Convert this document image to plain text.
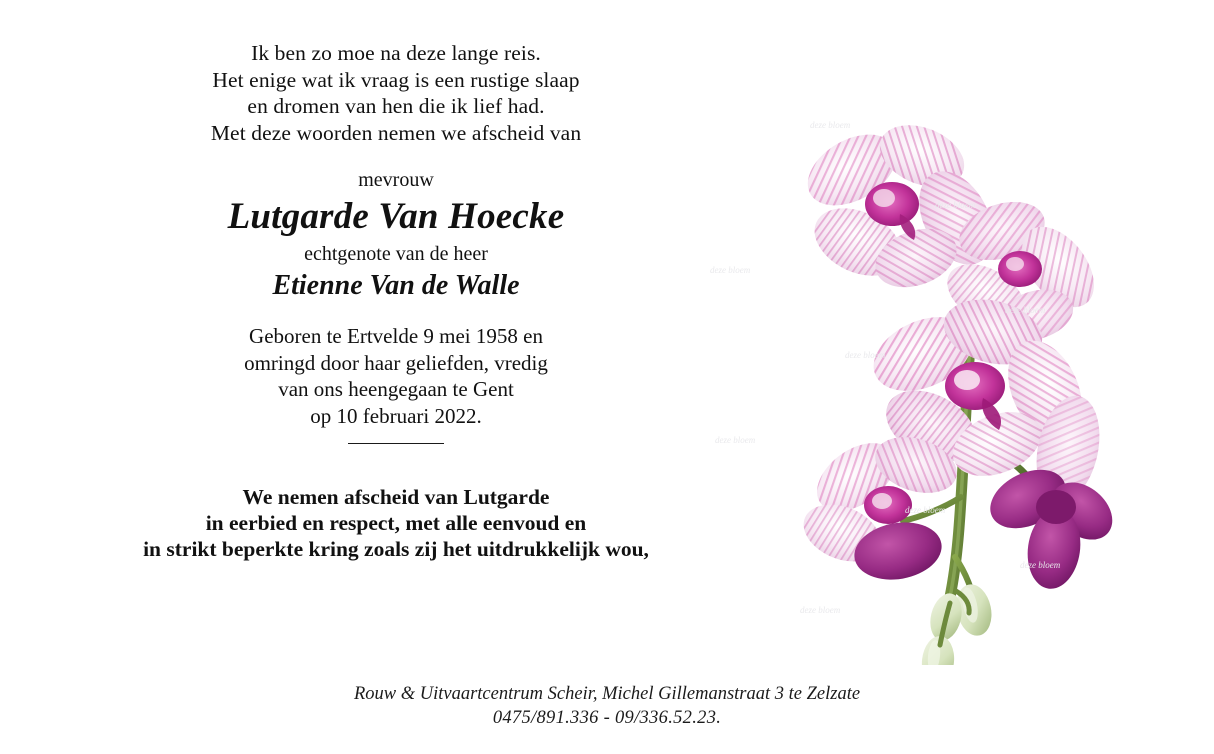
Ik ben zo moe na deze lange reis.
Het enige wat ik vraag is een rustige slaap
en dromen van hen die ik lief had.
Met deze woorden nemen we afscheid van
mevrouw
Lutgarde Van Hoecke
echtgenote van de heer
Etienne Van de Walle
Geboren te Ertvelde 9 mei 1958 en
omringd door haar geliefden, vredig
van ons heengegaan te Gent
op 10 februari 2022.
We nemen afscheid van Lutgarde
in eerbied en respect, met alle eenvoud en
in strikt beperkte kring zoals zij het uitdrukkelijk wou,
deze bloem
deze bloem
deze bloem
deze bloem
deze bloem
deze bloem
deze bloem
deze bloem
deze bloem
Rouw & Uitvaartcentrum Scheir, Michel Gillemanstraat 3 te Zelzate
0475/891.336 - 09/336.52.23.
